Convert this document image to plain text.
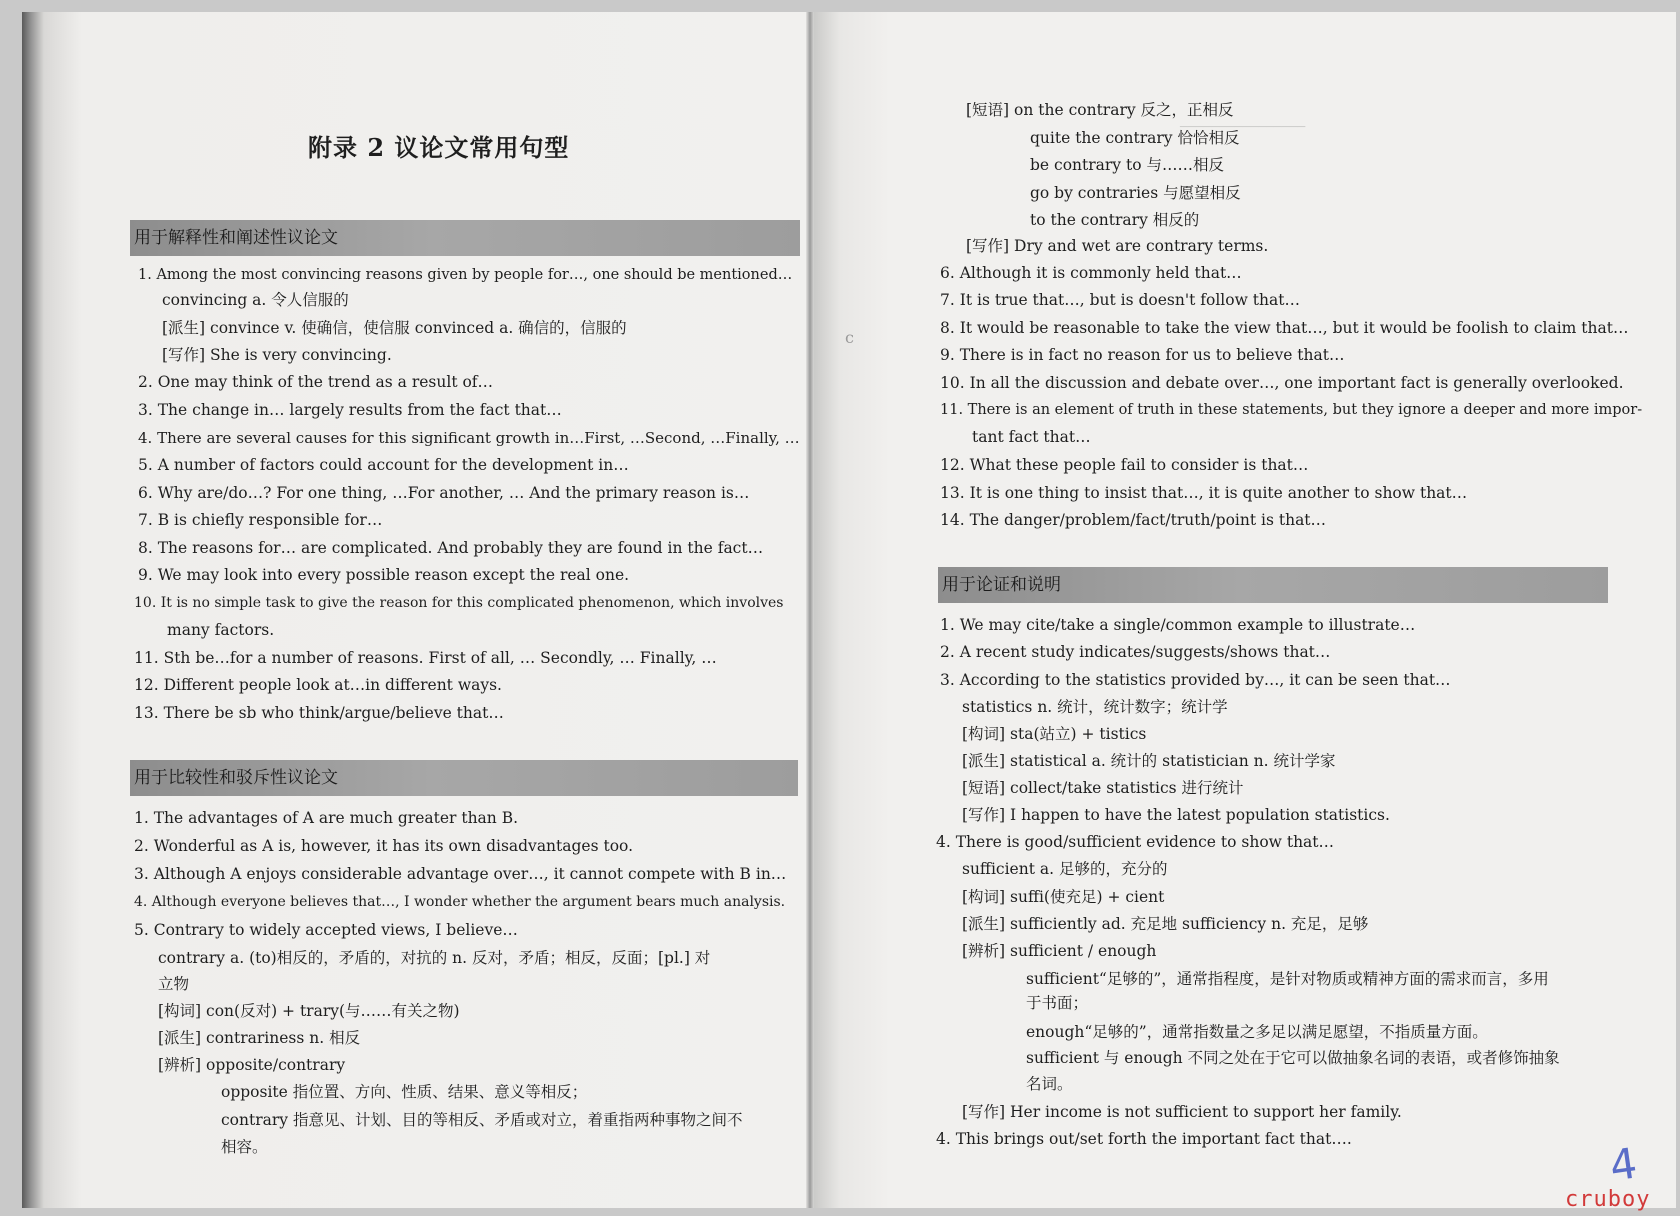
────────────────
附录 2 议论文常用句型
用于解释性和阐述性议论文
1. Among the most convincing reasons given by people for…, one should be mentioned…
convincing a. 令人信服的
[派生] convince v. 使确信，使信服 convinced a. 确信的，信服的
[写作] She is very convincing.
2. One may think of the trend as a result of…
3. The change in… largely results from the fact that…
4. There are several causes for this significant growth in…First, …Second, …Finally, …
5. A number of factors could account for the development in…
6. Why are/do…? For one thing, …For another, … And the primary reason is…
7. B is chiefly responsible for…
8. The reasons for… are complicated. And probably they are found in the fact…
9. We may look into every possible reason except the real one.
10. It is no simple task to give the reason for this complicated phenomenon, which involves
many factors.
11. Sth be…for a number of reasons. First of all, … Secondly, … Finally, …
12. Different people look at…in different ways.
13. There be sb who think/argue/believe that…
用于比较性和驳斥性议论文
1. The advantages of A are much greater than B.
2. Wonderful as A is, however, it has its own disadvantages too.
3. Although A enjoys considerable advantage over…, it cannot compete with B in…
4. Although everyone believes that…, I wonder whether the argument bears much analysis.
5. Contrary to widely accepted views, I believe…
contrary a. (to)相反的，矛盾的，对抗的 n. 反对，矛盾；相反，反面；[pl.] 对
立物
[构词] con(反对) + trary(与……有关之物)
[派生] contrariness n. 相反
[辨析] opposite/contrary
opposite 指位置、方向、性质、结果、意义等相反；
contrary 指意见、计划、目的等相反、矛盾或对立，着重指两种事物之间不
相容。
[短语] on the contrary 反之，正相反
quite the contrary 恰恰相反
be contrary to 与……相反
go by contraries 与愿望相反
to the contrary 相反的
[写作] Dry and wet are contrary terms.
6. Although it is commonly held that…
7. It is true that…, but is doesn't follow that…
8. It would be reasonable to take the view that…, but it would be foolish to claim that…
9. There is in fact no reason for us to believe that…
10. In all the discussion and debate over…, one important fact is generally overlooked.
11. There is an element of truth in these statements, but they ignore a deeper and more impor-
tant fact that…
12. What these people fail to consider is that…
13. It is one thing to insist that…, it is quite another to show that…
14. The danger/problem/fact/truth/point is that…
用于论证和说明
1. We may cite/take a single/common example to illustrate…
2. A recent study indicates/suggests/shows that…
3. According to the statistics provided by…, it can be seen that…
statistics n. 统计，统计数字；统计学
[构词] sta(站立) + tistics
[派生] statistical a. 统计的 statistician n. 统计学家
[短语] collect/take statistics 进行统计
[写作] I happen to have the latest population statistics.
4. There is good/sufficient evidence to show that…
sufficient a. 足够的，充分的
[构词] suffi(使充足) + cient
[派生] sufficiently ad. 充足地 sufficiency n. 充足，足够
[辨析] sufficient / enough
sufficient“足够的”，通常指程度，是针对物质或精神方面的需求而言，多用
于书面；
enough“足够的”，通常指数量之多足以满足愿望，不指质量方面。
sufficient 与 enough 不同之处在于它可以做抽象名词的表语，或者修饰抽象
名词。
[写作] Her income is not sufficient to support her family.
4. This brings out/set forth the important fact that….
c
4
cruboy
